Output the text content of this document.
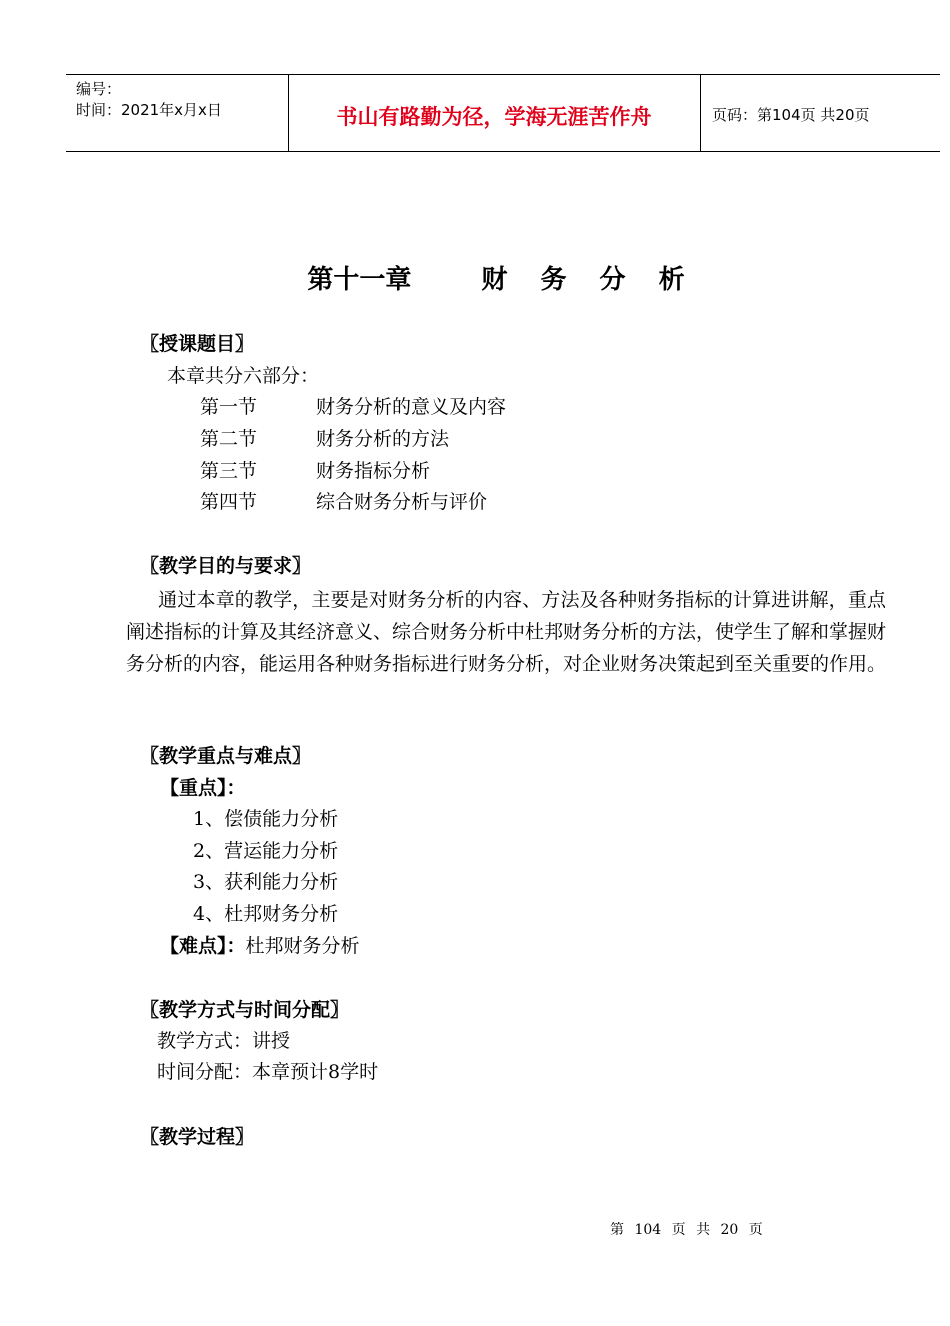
编号：
时间：2021年x月x日	书山有路勤为径，学海无涯苦作舟	页码：第104页 共20页
第十一章	财 务 分 析
〖授课题目〗
本章共分六部分：
第一节	财务分析的意义及内容
第二节	财务分析的方法
第三节	财务指标分析
第四节	综合财务分析与评价
〖教学目的与要求〗
通过本章的教学，主要是对财务分析的内容、方法及各种财务指标的计算进讲解，重点阐述指标的计算及其经济意义、综合财务分析中杜邦财务分析的方法，使学生了解和掌握财务分析的内容，能运用各种财务指标进行财务分析，对企业财务决策起到至关重要的作用。
〖教学重点与难点〗
【重点】：
1、偿债能力分析
2、营运能力分析
3、获利能力分析
4、杜邦财务分析
【难点】：杜邦财务分析
〖教学方式与时间分配〗
教学方式：讲授
时间分配：本章预计8学时
〖教学过程〗
第 104 页 共 20 页
